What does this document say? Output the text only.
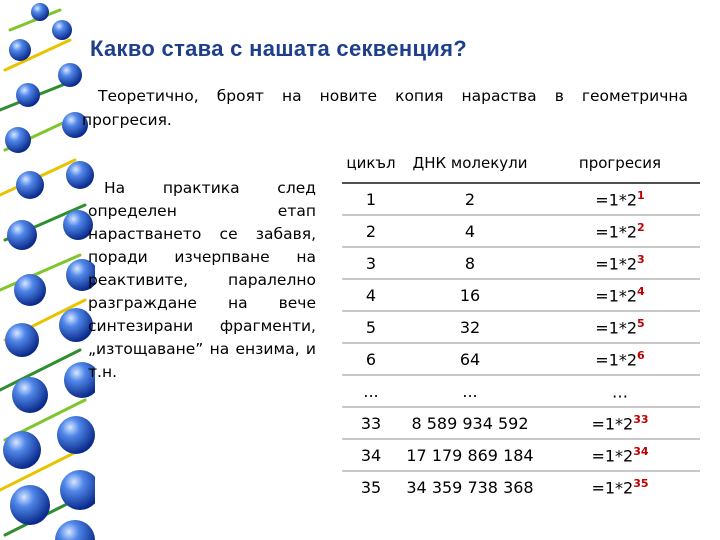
Какво става с нашата секвенция?
Теоретично, броят на новите копия нараства в геометрична прогресия.
На практика след определен етап нарастването се забавя, поради изчерпване на реактивите, паралелно разграждане на вече синтезирани фрагменти, „изтощаване” на ензима, и т.н.
цикъл	ДНК молекули	прогресия
1	2	$=1*2^1$
2	4	$=1*2^2$
3	8	$=1*2^3$
4	16	$=1*2^4$
5	32	$=1*2^5$
6	64	$=1*2^6$
...	...	…
33	8 589 934 592	$=1*2^{33}$
34	17 179 869 184	$=1*2^{34}$
35	34 359 738 368	$=1*2^{35}$
